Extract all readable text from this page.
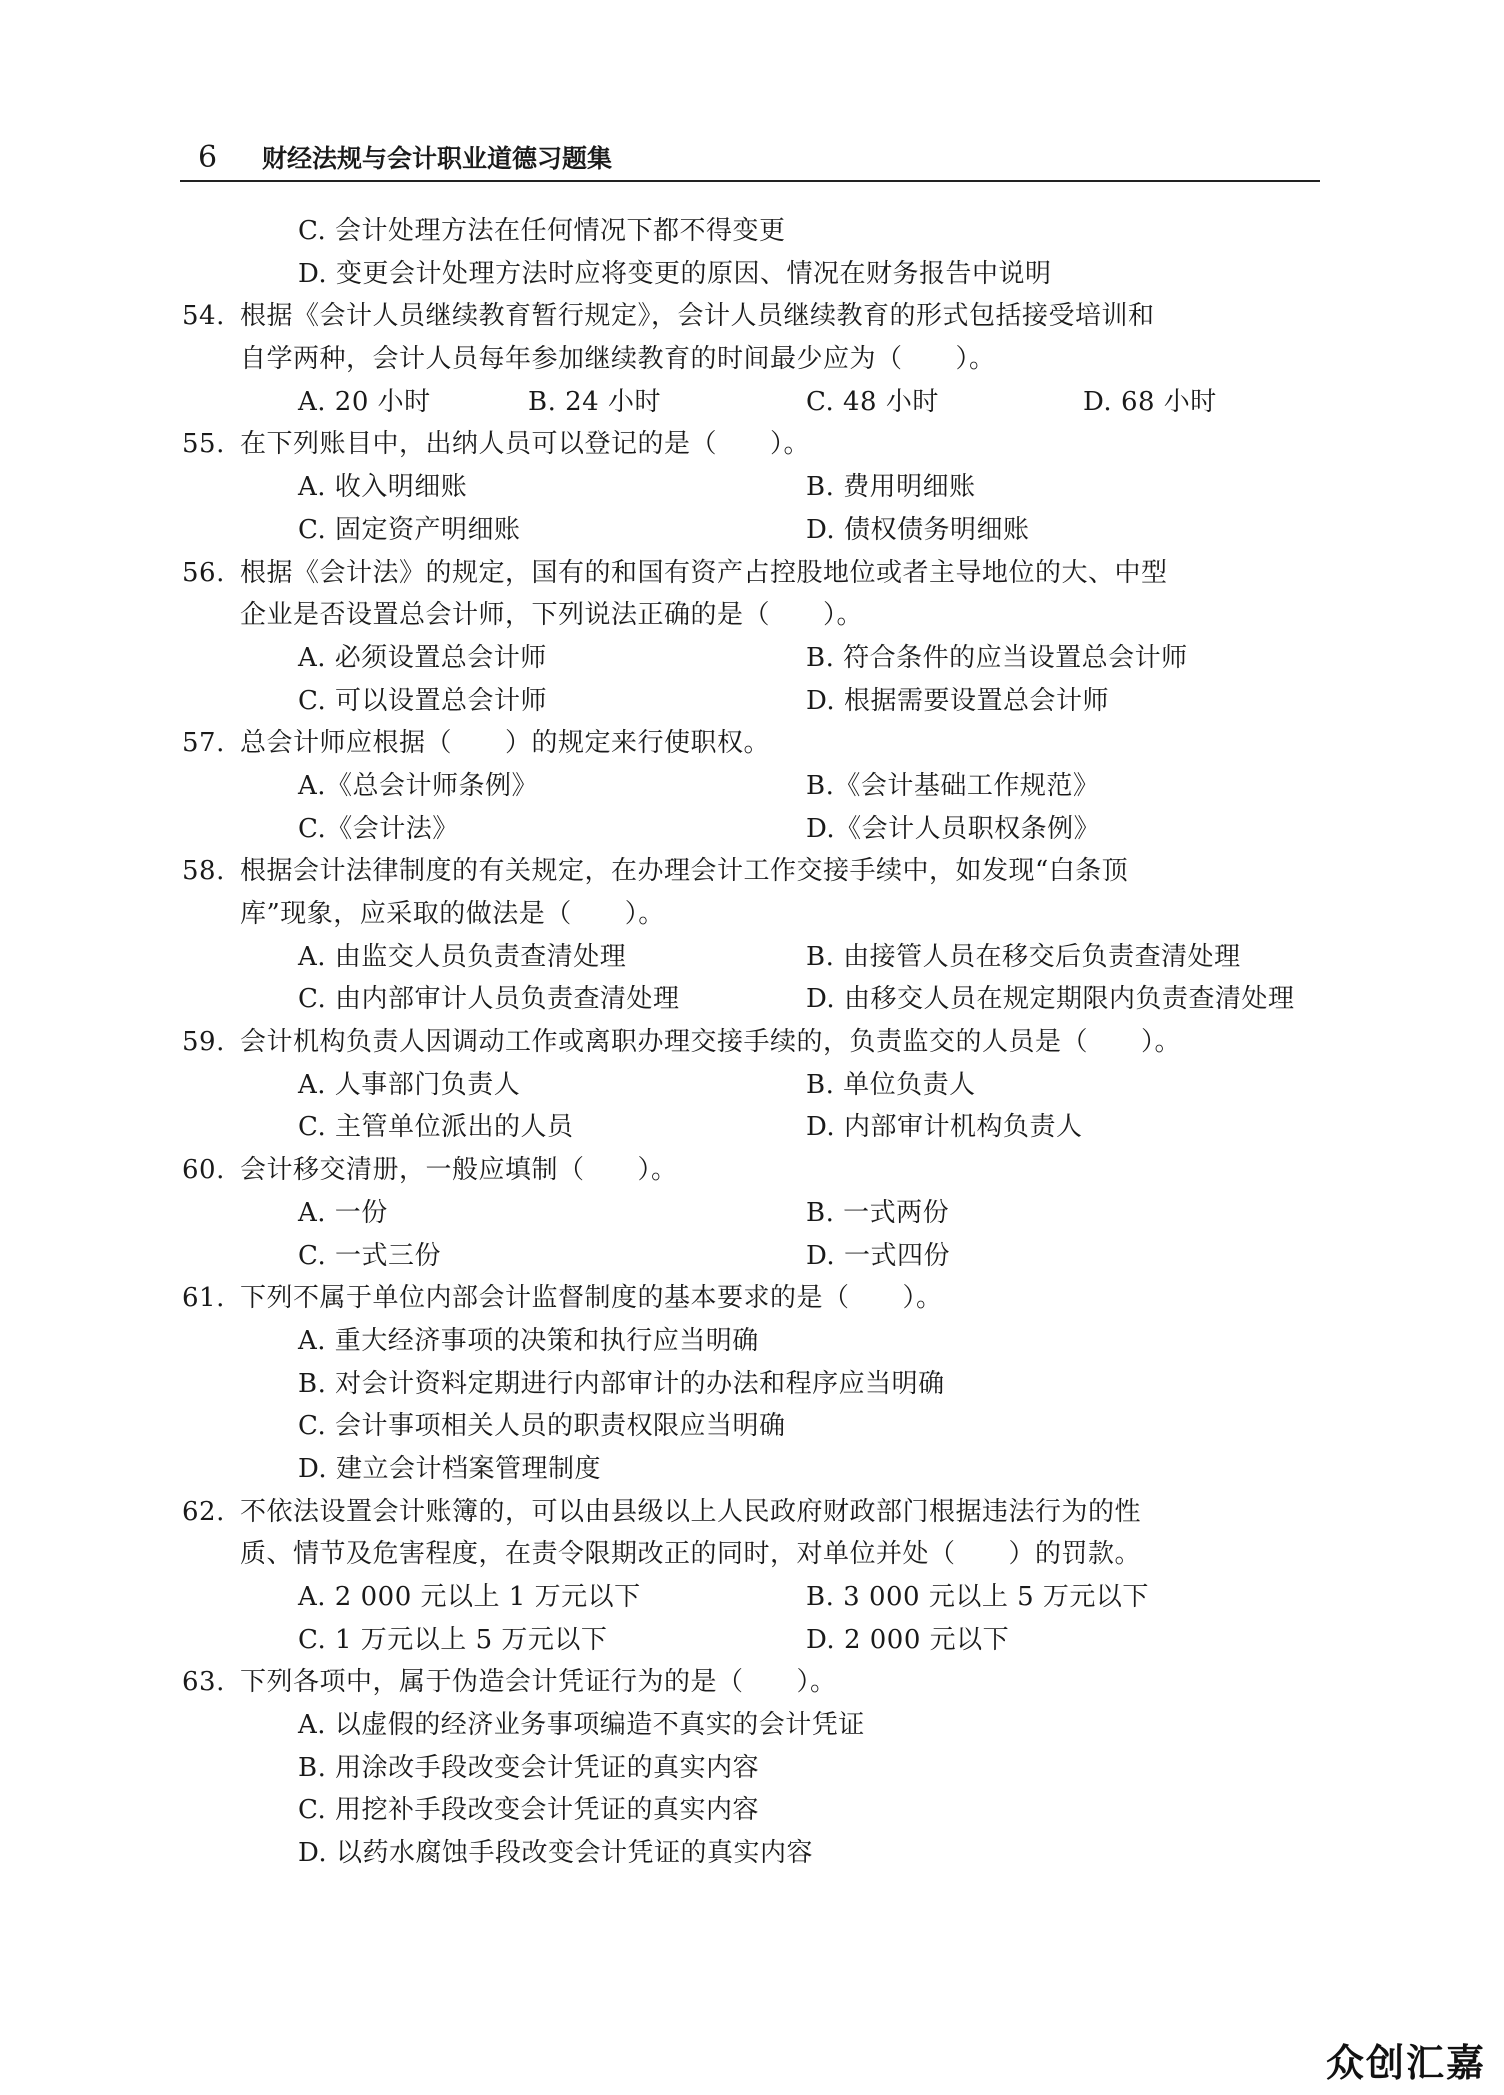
6 财经法规与会计职业道德习题集
C. 会计处理方法在任何情况下都不得变更
D. 变更会计处理方法时应将变更的原因、情况在财务报告中说明
54. 根据《会计人员继续教育暂行规定》，会计人员继续教育的形式包括接受培训和
自学两种，会计人员每年参加继续教育的时间最少应为（　　）。
A. 20 小时	B. 24 小时	C. 48 小时	D. 68 小时
55. 在下列账目中，出纳人员可以登记的是（　　）。
A. 收入明细账	B. 费用明细账
C. 固定资产明细账	D. 债权债务明细账
56. 根据《会计法》的规定，国有的和国有资产占控股地位或者主导地位的大、中型
企业是否设置总会计师，下列说法正确的是（　　）。
A. 必须设置总会计师	B. 符合条件的应当设置总会计师
C. 可以设置总会计师	D. 根据需要设置总会计师
57. 总会计师应根据（　　）的规定来行使职权。
A.《总会计师条例》	B.《会计基础工作规范》
C.《会计法》	D.《会计人员职权条例》
58. 根据会计法律制度的有关规定，在办理会计工作交接手续中，如发现“白条顶
库”现象，应采取的做法是（　　）。
A. 由监交人员负责查清处理	B. 由接管人员在移交后负责查清处理
C. 由内部审计人员负责查清处理	D. 由移交人员在规定期限内负责查清处理
59. 会计机构负责人因调动工作或离职办理交接手续的，负责监交的人员是（　　）。
A. 人事部门负责人	B. 单位负责人
C. 主管单位派出的人员	D. 内部审计机构负责人
60. 会计移交清册，一般应填制（　　）。
A. 一份	B. 一式两份
C. 一式三份	D. 一式四份
61. 下列不属于单位内部会计监督制度的基本要求的是（　　）。
A. 重大经济事项的决策和执行应当明确
B. 对会计资料定期进行内部审计的办法和程序应当明确
C. 会计事项相关人员的职责权限应当明确
D. 建立会计档案管理制度
62. 不依法设置会计账簿的，可以由县级以上人民政府财政部门根据违法行为的性
质、情节及危害程度，在责令限期改正的同时，对单位并处（　　）的罚款。
A. 2 000 元以上 1 万元以下	B. 3 000 元以上 5 万元以下
C. 1 万元以上 5 万元以下	D. 2 000 元以下
63. 下列各项中，属于伪造会计凭证行为的是（　　）。
A. 以虚假的经济业务事项编造不真实的会计凭证
B. 用涂改手段改变会计凭证的真实内容
C. 用挖补手段改变会计凭证的真实内容
D. 以药水腐蚀手段改变会计凭证的真实内容
众创汇嘉
